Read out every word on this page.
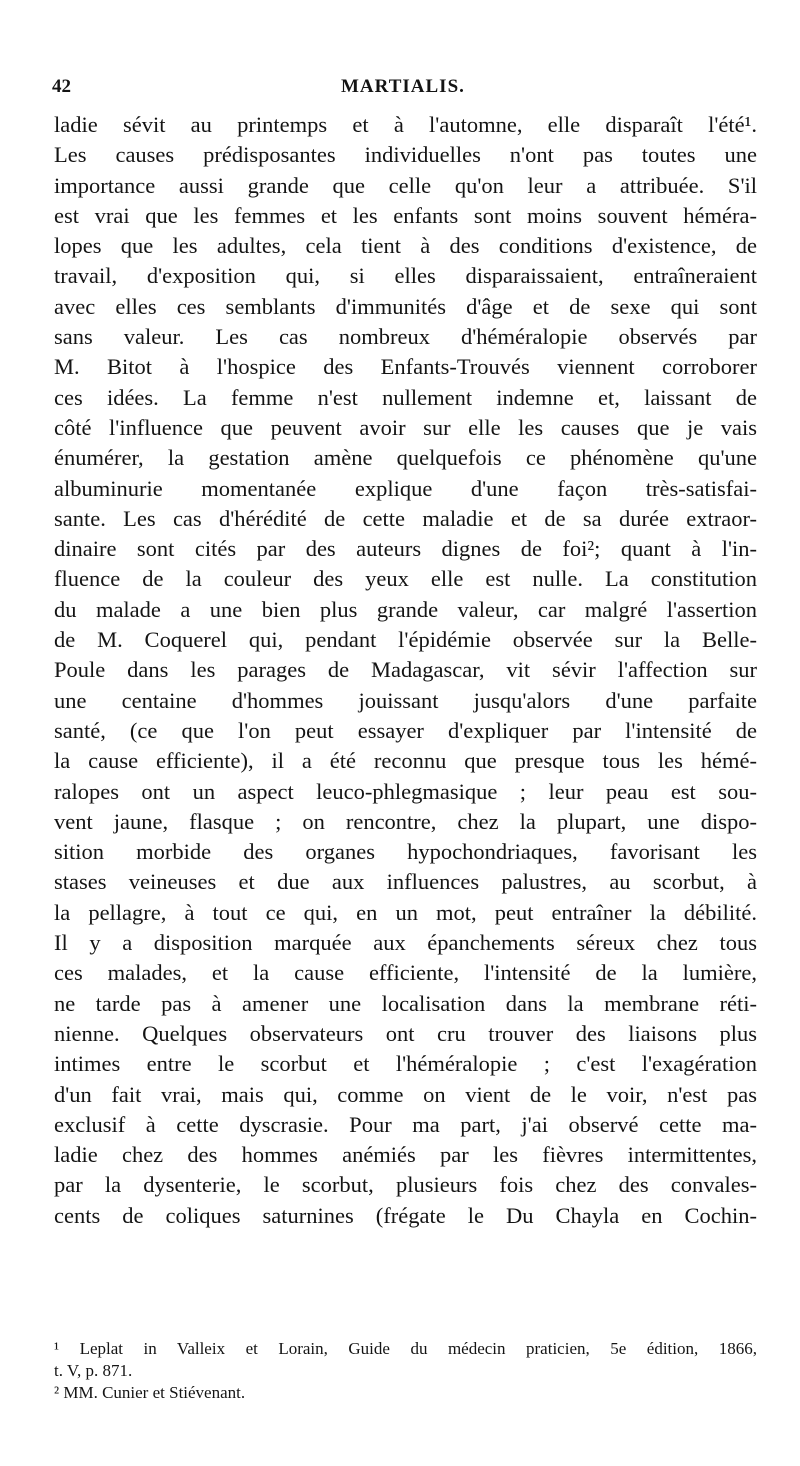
42	MARTIALIS.
ladie sévit au printemps et à l'automne, elle disparaît l'été¹.
Les causes prédisposantes individuelles n'ont pas toutes une
importance aussi grande que celle qu'on leur a attribuée. S'il
est vrai que les femmes et les enfants sont moins souvent héméra-
lopes que les adultes, cela tient à des conditions d'existence, de
travail, d'exposition qui, si elles disparaissaient, entraîneraient
avec elles ces semblants d'immunités d'âge et de sexe qui sont
sans valeur. Les cas nombreux d'héméralopie observés par
M. Bitot à l'hospice des Enfants-Trouvés viennent corroborer
ces idées. La femme n'est nullement indemne et, laissant de
côté l'influence que peuvent avoir sur elle les causes que je vais
énumérer, la gestation amène quelquefois ce phénomène qu'une
albuminurie momentanée explique d'une façon très-satisfai-
sante. Les cas d'hérédité de cette maladie et de sa durée extraor-
dinaire sont cités par des auteurs dignes de foi²; quant à l'in-
fluence de la couleur des yeux elle est nulle. La constitution
du malade a une bien plus grande valeur, car malgré l'assertion
de M. Coquerel qui, pendant l'épidémie observée sur la Belle-
Poule dans les parages de Madagascar, vit sévir l'affection sur
une centaine d'hommes jouissant jusqu'alors d'une parfaite
santé, (ce que l'on peut essayer d'expliquer par l'intensité de
la cause efficiente), il a été reconnu que presque tous les hémé-
ralopes ont un aspect leuco-phlegmasique ; leur peau est sou-
vent jaune, flasque ; on rencontre, chez la plupart, une dispo-
sition morbide des organes hypochondriaques, favorisant les
stases veineuses et due aux influences palustres, au scorbut, à
la pellagre, à tout ce qui, en un mot, peut entraîner la débilité.
Il y a disposition marquée aux épanchements séreux chez tous
ces malades, et la cause efficiente, l'intensité de la lumière,
ne tarde pas à amener une localisation dans la membrane réti-
nienne. Quelques observateurs ont cru trouver des liaisons plus
intimes entre le scorbut et l'héméralopie ; c'est l'exagération
d'un fait vrai, mais qui, comme on vient de le voir, n'est pas
exclusif à cette dyscrasie. Pour ma part, j'ai observé cette ma-
ladie chez des hommes anémiés par les fièvres intermittentes,
par la dysenterie, le scorbut, plusieurs fois chez des convales-
cents de coliques saturnines (frégate le Du Chayla en Cochin-
¹ Leplat in Valleix et Lorain, Guide du médecin praticien, 5e édition, 1866,
t. V, p. 871.
² MM. Cunier et Stiévenant.
